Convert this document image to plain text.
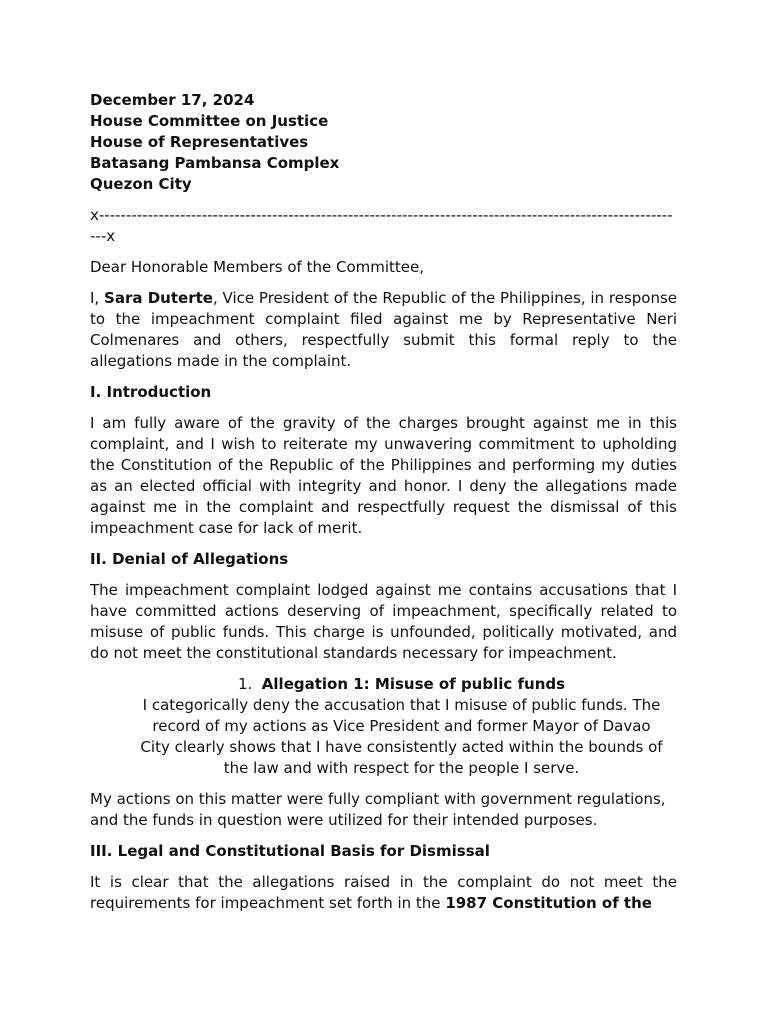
December 17, 2024
House Committee on Justice
House of Representatives
Batasang Pambansa Complex
Quezon City
x-------------------------------------------------------------------------------------------------------------x
Dear Honorable Members of the Committee,
I, Sara Duterte, Vice President of the Republic of the Philippines, in response to the impeachment complaint filed against me by Representative Neri Colmenares and others, respectfully submit this formal reply to the allegations made in the complaint.
I. Introduction
I am fully aware of the gravity of the charges brought against me in this complaint, and I wish to reiterate my unwavering commitment to upholding the Constitution of the Republic of the Philippines and performing my duties as an elected official with integrity and honor. I deny the allegations made against me in the complaint and respectfully request the dismissal of this impeachment case for lack of merit.
II. Denial of Allegations
The impeachment complaint lodged against me contains accusations that I have committed actions deserving of impeachment, specifically related to misuse of public funds. This charge is unfounded, politically motivated, and do not meet the constitutional standards necessary for impeachment.
1. Allegation 1: Misuse of public funds
I categorically deny the accusation that I misuse of public funds. The record of my actions as Vice President and former Mayor of Davao City clearly shows that I have consistently acted within the bounds of the law and with respect for the people I serve.
My actions on this matter were fully compliant with government regulations, and the funds in question were utilized for their intended purposes.
III. Legal and Constitutional Basis for Dismissal
It is clear that the allegations raised in the complaint do not meet the requirements for impeachment set forth in the 1987 Constitution of the
